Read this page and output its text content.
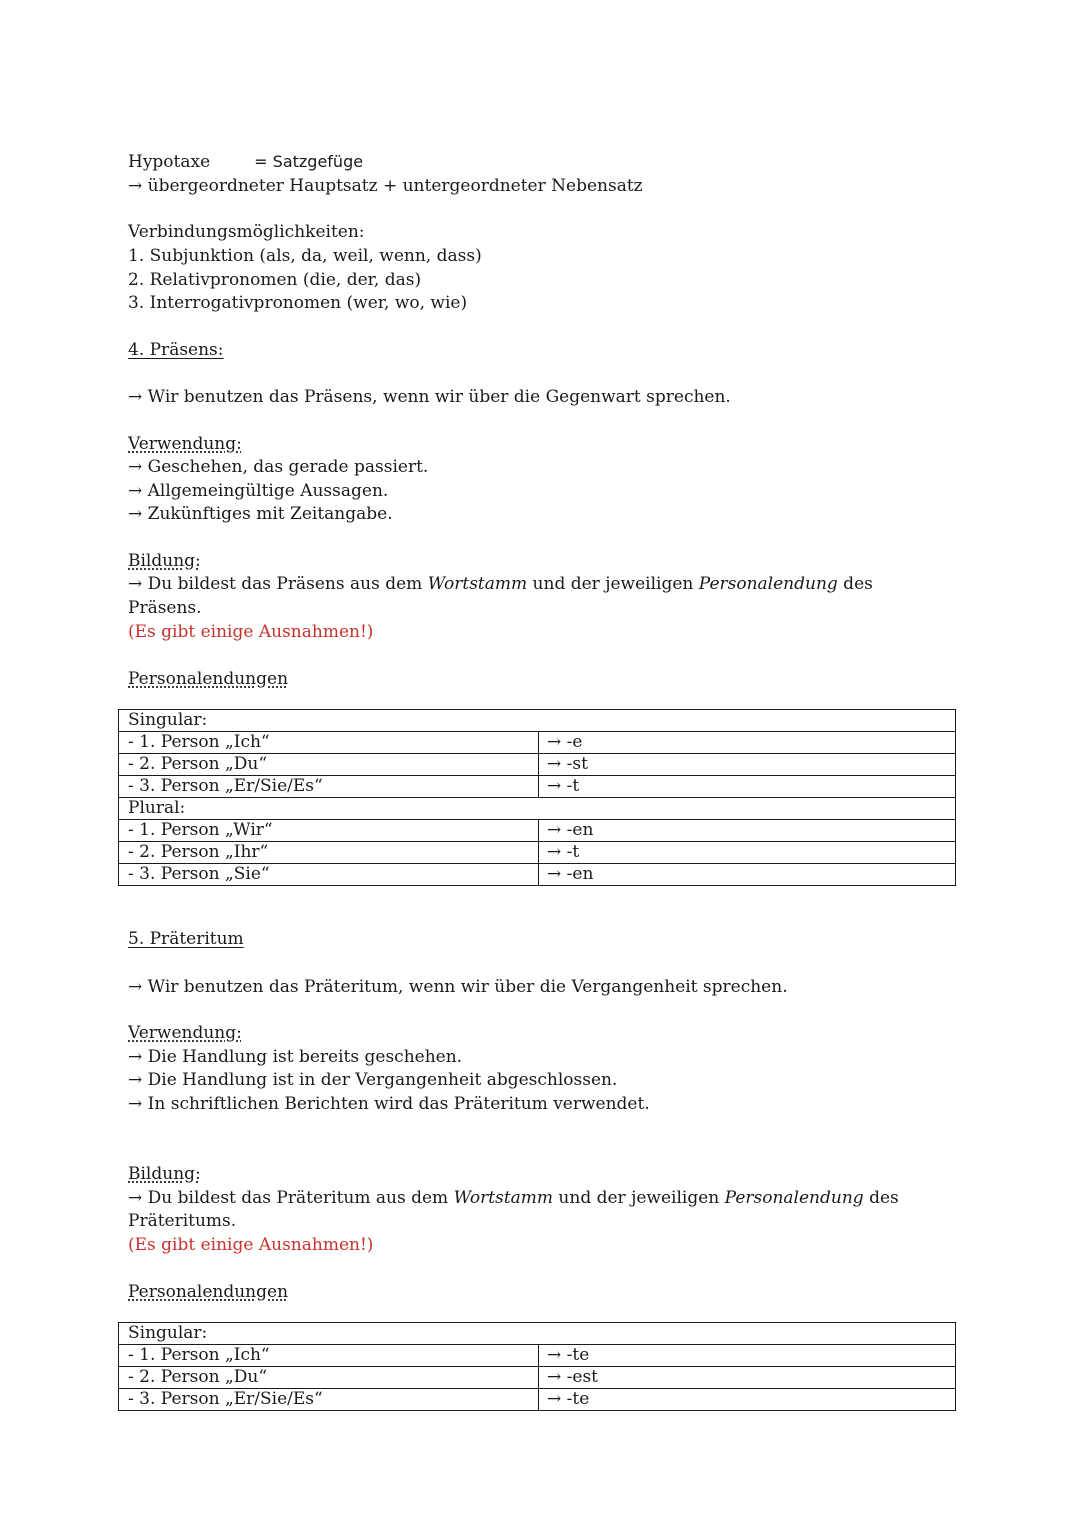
Hypotaxe	= Satzgefüge
→ übergeordneter Hauptsatz + untergeordneter Nebensatz
Verbindungsmöglichkeiten:
1. Subjunktion (als, da, weil, wenn, dass)
2. Relativpronomen (die, der, das)
3. Interrogativpronomen (wer, wo, wie)
4. Präsens:
→ Wir benutzen das Präsens, wenn wir über die Gegenwart sprechen.
Verwendung:
→ Geschehen, das gerade passiert.
→ Allgemeingültige Aussagen.
→ Zukünftiges mit Zeitangabe.
Bildung:
→ Du bildest das Präsens aus dem Wortstamm und der jeweiligen Personalendung des
Präsens.
(Es gibt einige Ausnahmen!)
Personalendungen
Singular:	
- 1. Person „Ich“	→ -e
- 2. Person „Du“	→ -st
- 3. Person „Er/Sie/Es“	→ -t
Plural:	
- 1. Person „Wir“	→ -en
- 2. Person „Ihr“	→ -t
- 3. Person „Sie“	→ -en
5. Präteritum
→ Wir benutzen das Präteritum, wenn wir über die Vergangenheit sprechen.
Verwendung:
→ Die Handlung ist bereits geschehen.
→ Die Handlung ist in der Vergangenheit abgeschlossen.
→ In schriftlichen Berichten wird das Präteritum verwendet.
Bildung:
→ Du bildest das Präteritum aus dem Wortstamm und der jeweiligen Personalendung des
Präteritums.
(Es gibt einige Ausnahmen!)
Personalendungen
Singular:	
- 1. Person „Ich“	→ -te
- 2. Person „Du“	→ -est
- 3. Person „Er/Sie/Es“	→ -te
